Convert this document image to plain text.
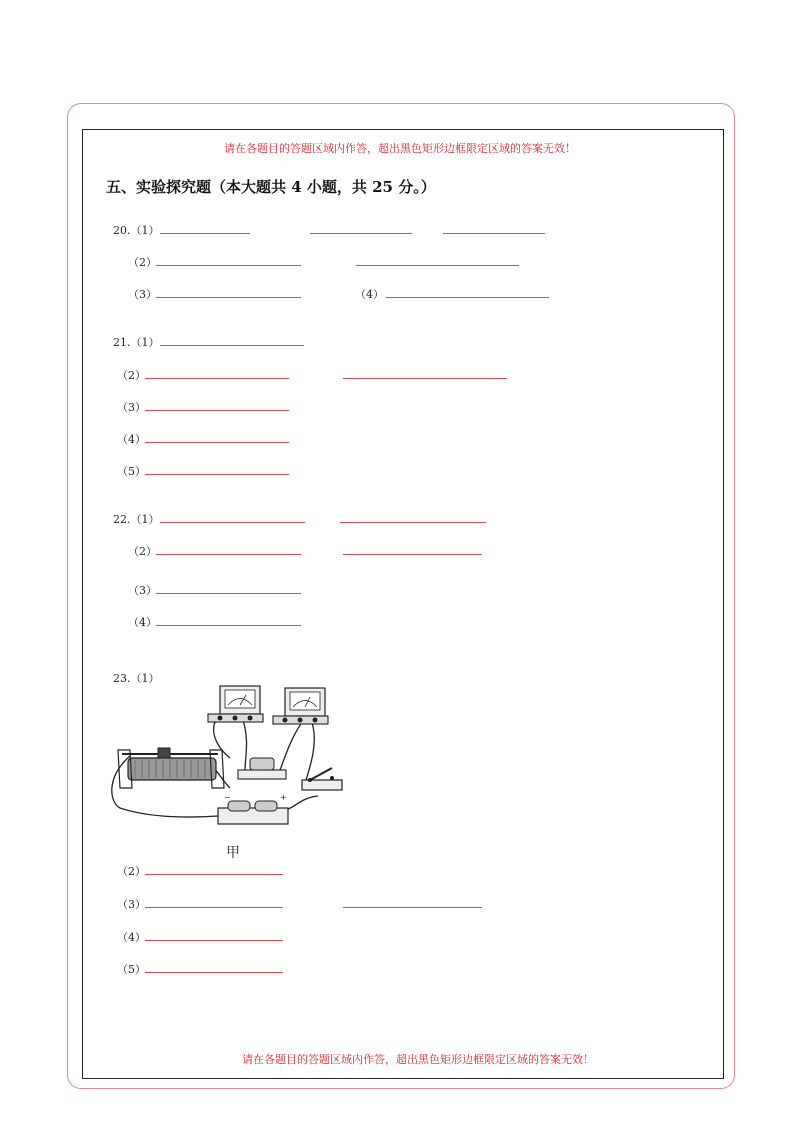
请在各题目的答题区域内作答，超出黑色矩形边框限定区域的答案无效！
五、实验探究题（本大题共 4 小题，共 25 分。）
20.（1）
（2）
（3）	（4）
21.（1）
（2）
（3）
（4）
（5）
22.（1）
（2）
（3）
（4）
23.（1）
−	+
甲
（2）
（3）
（4）
（5）
请在各题目的答题区域内作答，超出黑色矩形边框限定区域的答案无效！
